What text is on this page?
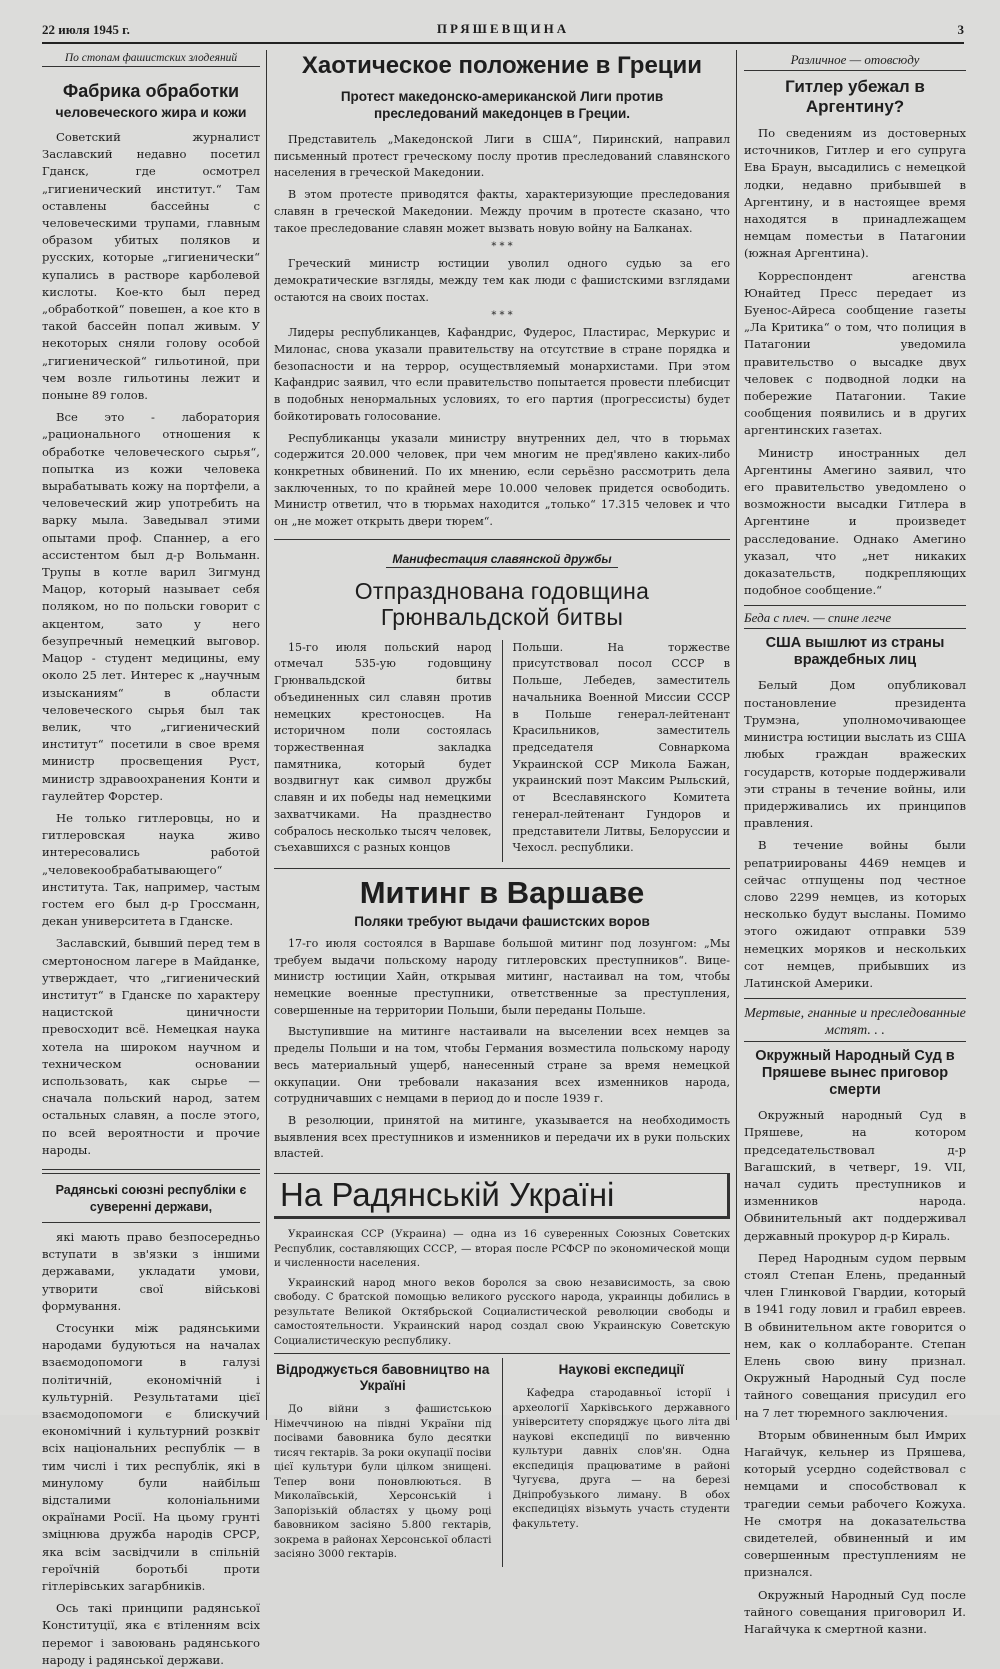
22 июля 1945 г.	ПРЯШЕВЩИНА	3
По стопам фашистских злодеяний
Фабрика обработки
человеческого жира и кожи

Советский журналист Заславский недавно посетил Гданск, где осмотрел „гигиенический институт.“ Там оставлены бассейны с человеческими трупами, главным образом убитых поляков и русских, которые „гигиенически“ купались в растворе карболевой кислоты. Кое-кто был перед „обработкой“ повешен, а кое кто в такой бассейн попал живым. У некоторых сняли голову особой „гигиенической“ гильотиной, при чем возле гильотины лежит и поныне 89 голов.

Все это - лаборатория „рационального отношения к обработке человеческого сырья“, попытка из кожи человека вырабатывать кожу на портфели, а человеческий жир употребить на варку мыла. Заведывал этими опытами проф. Спаннер, а его ассистентом был д-р Вольманн. Трупы в котле варил Зигмунд Мацор, который называет себя поляком, но по польски говорит с акцентом, зато у него безупречный немецкий выговор. Мацор - студент медицины, ему около 25 лет. Интерес к „научным изысканиям“ в области человеческого сырья был так велик, что „гигиенический институт“ посетили в свое время министр просвещения Руст, министр здравоохранения Конти и гаулейтер Форстер.

Не только гитлеровцы, но и гитлеровская наука живо интересовались работой „человекообрабатывающего“ института. Так, например, частым гостем его был д-р Гроссманн, декан университета в Гданске.

Заславский, бывший перед тем в смертоносном лагере в Майданке, утверждает, что „гигиенический институт“ в Гданске по характеру нацистской циничности превосходит всё. Немецкая наука хотела на широком научном и техническом основании использовать, как сырье — сначала польский народ, затем остальных славян, а после этого, по всей вероятности и прочие народы.

Радянські союзні республіки є суверенні держави,

які мають право безпосередньо вступати в зв'язки з іншими державами, укладати умови, утворити свої військові формування.

Стосунки між радянськими народами будуються на началах взаємодопомоги в галузі політичній, економічній і культурній. Результатами цієї взаємодопомоги є блискучий економічний і культурний розквіт всіх національних республік — в тим числі і тих республік, які в минулому були найбільш відсталими колоніальними окраїнами Росії. На цьому грунті зміцнюва дружба народів СРСР, яка всім засвідчили в спільній героїчній боротьбі проти гітлерівських загарбників.

Ось такі принципи радянської Конституції, яка є втіленням всіх перемог і завоювань радянського народу і радянської держави.

Хаотическое положение в Греции
Протест македонско-американской Лиги против преследований македонцев в Греции.

Представитель „Македонской Лиги в США“, Пиринский, направил письменный протест греческому послу против преследований славянского населения в греческой Македонии.

В этом протесте приводятся факты, характеризующие преследования славян в греческой Македонии. Между прочим в протесте сказано, что такое преследование славян может вызвать новую войну на Балканах.

* * *

Греческий министр юстиции уволил одного судью за его демократические взгляды, между тем как люди с фашистскими взглядами остаются на своих постах.

* * *

Лидеры республиканцев, Кафандрис, Фудерос, Пластирас, Меркурис и Милонас, снова указали правительству на отсутствие в стране порядка и безопасности и на террор, осуществляемый монархистами. При этом Кафандрис заявил, что если правительство попытается провести плебисцит в подобных ненормальных условиях, то его партия (прогрессисты) будет бойкотировать голосование.

Республиканцы указали министру внутренних дел, что в тюрьмах содержится 20.000 человек, при чем многим не пред'явлено каких-либо конкретных обвинений. По их мнению, если серьёзно рассмотрить дела заключенных, то по крайней мере 10.000 человек придется освободить. Министр ответил, что в тюрьмах находится „только“ 17.315 человек и что он „не может открыть двери тюрем“.

Манифестация славянской дружбы
Отпразднована годовщина
Грюнвальдской битвы

15-го июля польский народ отмечал 535-ую годовщину Грюнвальдской битвы объединенных сил славян против немецких крестоносцев. На историчном поли состоялась торжественная закладка памятника, который будет воздвигнут как символ дружбы славян и их победы над немецкими захватчиками. На празднество собралось несколько тысяч человек, съехавшихся с разных концов

Польши. На торжестве присутствовал посол СССР в Польше, Лебедев, заместитель начальника Военной Миссии СССР в Польше генерал-лейтенант Красильников, заместитель председателя Совнаркома Украинской ССР Микола Бажан, украинский поэт Максим Рыльский, от Всеславянского Комитета генерал-лейтенант Гундоров и представители Литвы, Белоруссии и Чехосл. республики.

Митинг в Варшаве
Поляки требуют выдачи фашистских воров

17-го июля состоялся в Варшаве большой митинг под лозунгом: „Мы требуем выдачи польскому народу гитлеровских преступников“. Вице-министр юстиции Хайн, открывая митинг, настаивал на том, чтобы немецкие военные преступники, ответственные за преступления, совершенные на территории Польши, были переданы Польше.

Выступившие на митинге настаивали на выселении всех немцев за пределы Польши и на том, чтобы Германия возместила польскому народу весь материальный ущерб, нанесенный стране за время немецкой оккупации. Они требовали наказания всех изменников народа, сотрудничавших с немцами в период до и после 1939 г.

В резолюции, принятой на митинге, указывается на необходимость выявления всех преступников и изменников и передачи их в руки польских властей.

На Радянській Україні

Украинская ССР (Украина) — одна из 16 суверенных Союзных Советских Республик, составляющих СССР, — вторая после РСФСР по экономической мощи и численности населения.

Украинский народ много веков боролся за свою независимость, за свою свободу. С братской помощью великого русского народа, украинцы добились в результате Великой Октябрьской Социалистической революции свободы и самостоятельности. Украинский народ создал свою Украинскую Советскую Социалистическую республику.

Відроджується бавовництво на Україні

До війни з фашистською Німеччиною на півдні України під посівами бавовника було десятки тисяч гектарів. За роки окупації посіви цієї культури були цілком знищені. Тепер вони поновлюються. В Миколаївській, Херсонській і Запорізькій областях у цьому році бавовником засіяно 5.800 гектарів, зокрема в районах Херсонської області засіяно 3000 гектарів.

Наукові експедиції

Кафедра стародавньої історії і археології Харківського державного університету споряджує цього літа дві наукові експедиції по вивченню культури давніх слов'ян. Одна експедиція працюватиме в районі Чугуєва, друга — на березі Дніпробузького лиману. В обох експедиціях візьмуть участь студенти факультету.

Различное — отовсюду
Гитлер убежал в Аргентину?

По сведениям из достоверных источников, Гитлер и его супруга Ева Браун, высадились с немецкой лодки, недавно прибывшей в Аргентину, и в настоящее время находятся в принадлежащем немцам поместьи в Патагонии (южная Аргентина).

Корреспондент агенства Юнайтед Пресс передает из Буенос-Айреса сообщение газеты „Ла Критика“ о том, что полиция в Патагонии уведомила правительство о высадке двух человек с подводной лодки на побережие Патагонии. Такие сообщения появились и в других аргентинских газетах.

Министр иностранных дел Аргентины Амегино заявил, что его правительство уведомлено о возможности высадки Гитлера в Аргентине и произведет расследование. Однако Амегино указал, что „нет никаких доказательств, подкрепляющих подобное сообщение.“

Беда с плеч. — спине легче
США вышлют из страны враждебных лиц

Белый Дом опубликовал постановление президента Трумэна, уполномочивающее министра юстиции выслать из США любых граждан вражеских государств, которые поддерживали эти страны в течение войны, или придерживались их принципов правления.

В течение войны были репатриированы 4469 немцев и сейчас отпущены под честное слово 2299 немцев, из которых несколько будут высланы. Помимо этого ожидают отправки 539 немецких моряков и нескольких сот немцев, прибывших из Латинской Америки.

Мертвые, гнанные и преследованные мстят. . .
Окружный Народный Суд в Пряшеве вынес приговор смерти

Окружный народный Суд в Пряшеве, на котором председательствовал д-р Вагашский, в четверг, 19. VII, начал судить преступников и изменников народа. Обвинительный акт поддерживал державный прокурор д-р Кираль.

Перед Народным судом первым стоял Степан Елень, преданный член Глинковой Гвардии, который в 1941 году ловил и грабил евреев. В обвинительном акте говорится о нем, как о коллаборанте. Степан Елень свою вину признал. Окружный Народный Суд после тайного совещания присудил его на 7 лет тюремного заключения.

Вторым обвиненным был Имрих Нагайчук, кельнер из Пряшева, который усердно содействовал с немцами и способствовал к трагедии семьи рабочего Кожуха. Не смотря на доказательства свидетелей, обвиненный и им совершенным преступлениям не признался.

Окружный Народный Суд после тайного совещания приговорил И. Нагайчука к смертной казни.
